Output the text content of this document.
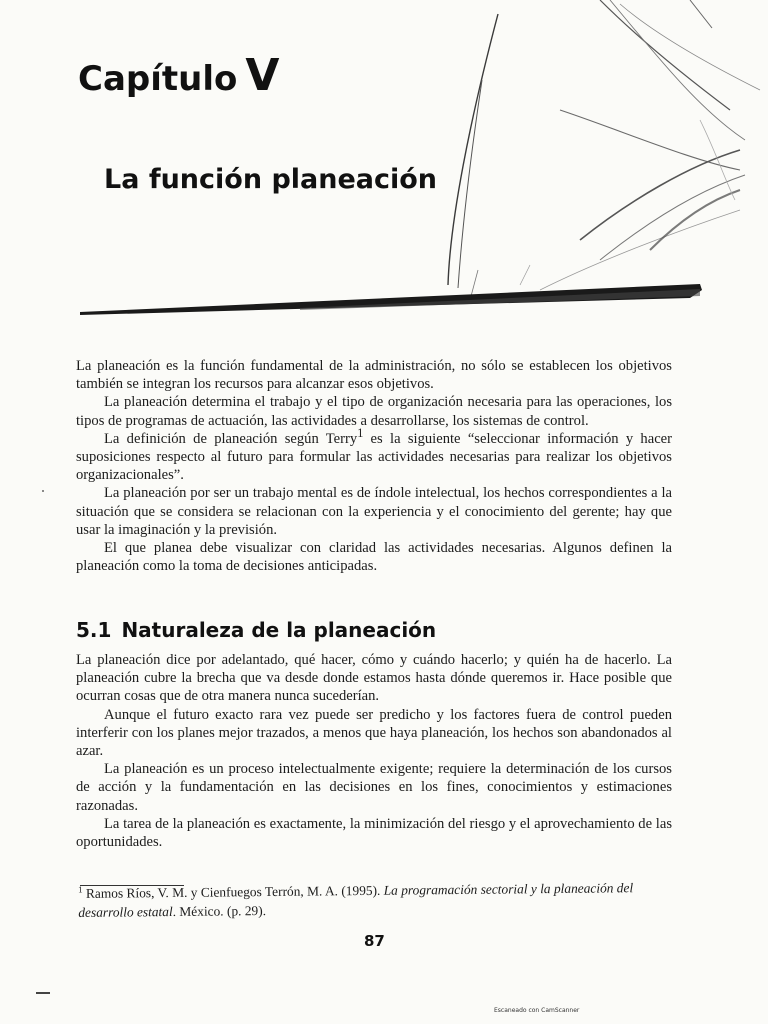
Capítulo V
La función planeación

La planeación es la función fundamental de la administración, no sólo se establecen los objetivos también se integran los recursos para alcanzar esos objetivos.

La planeación determina el trabajo y el tipo de organización necesaria para las operaciones, los tipos de programas de actuación, las actividades a desarrollarse, los sistemas de control.

La definición de planeación según Terry$^1$ es la siguiente “seleccionar información y hacer suposiciones respecto al futuro para formular las actividades necesarias para realizar los objetivos organizacionales”.

La planeación por ser un trabajo mental es de índole intelectual, los hechos correspondientes a la situación que se considera se relacionan con la experiencia y el conocimiento del gerente; hay que usar la imaginación y la previsión.

El que planea debe visualizar con claridad las actividades necesarias. Algunos definen la planeación como la toma de decisiones anticipadas.

5.1 Naturaleza de la planeación

La planeación dice por adelantado, qué hacer, cómo y cuándo hacerlo; y quién ha de hacerlo. La planeación cubre la brecha que va desde donde estamos hasta dónde queremos ir. Hace posible que ocurran cosas que de otra manera nunca sucederían.

Aunque el futuro exacto rara vez puede ser predicho y los factores fuera de control pueden interferir con los planes mejor trazados, a menos que haya planeación, los hechos son abandonados al azar.

La planeación es un proceso intelectualmente exigente; requiere la determinación de los cursos de acción y la fundamentación en las decisiones en los fines, conocimientos y estimaciones razonadas.

La tarea de la planeación es exactamente, la minimización del riesgo y el aprovechamiento de las oportunidades.

$^1$ Ramos Ríos, V. M. y Cienfuegos Terrón, M. A. (1995). La programación sectorial y la planeación del desarrollo estatal. México. (p. 29).

87

Escaneado con CamScanner
